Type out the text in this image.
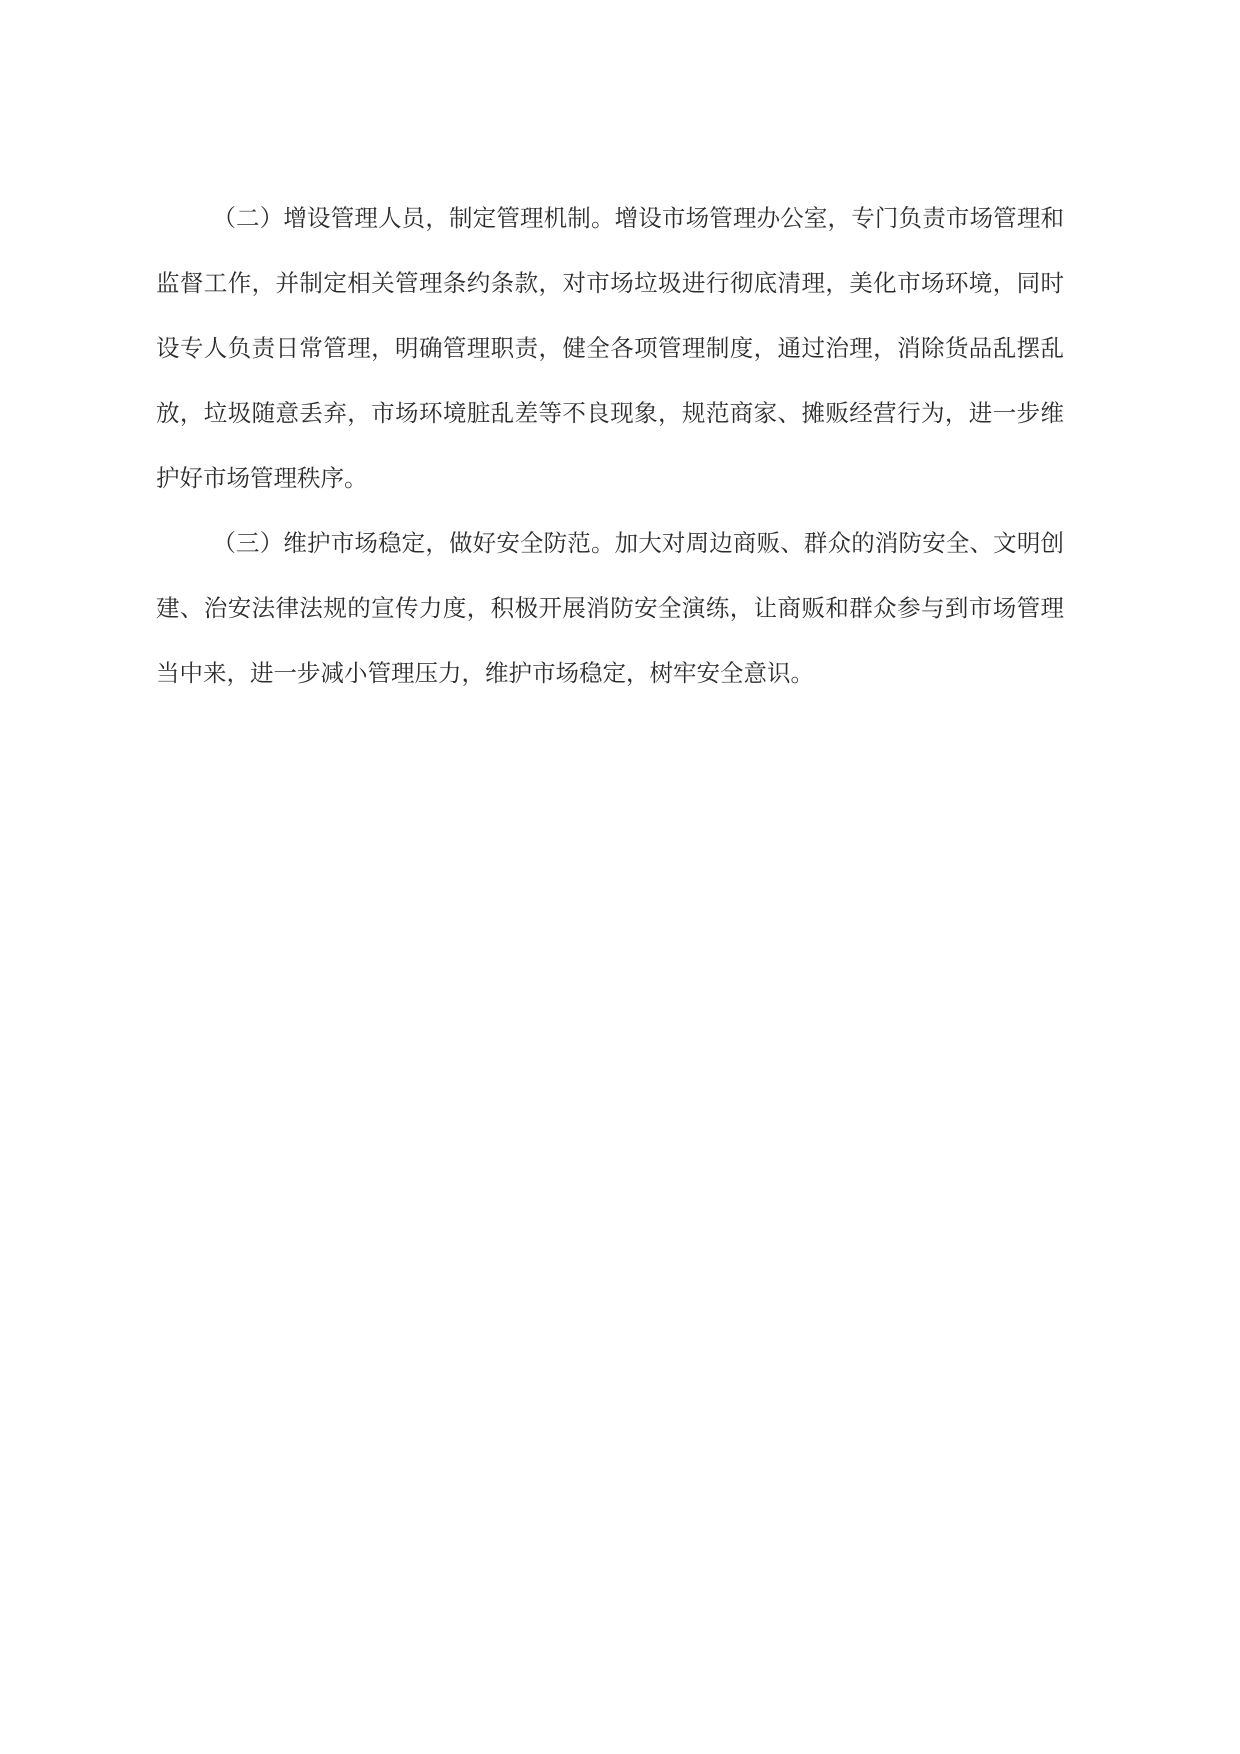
（二）增设管理人员，制定管理机制。增设市场管理办公室，专门负责市场管理和监督工作，并制定相关管理条约条款，对市场垃圾进行彻底清理，美化市场环境，同时设专人负责日常管理，明确管理职责，健全各项管理制度，通过治理，消除货品乱摆乱放，垃圾随意丢弃，市场环境脏乱差等不良现象，规范商家、摊贩经营行为，进一步维护好市场管理秩序。

（三）维护市场稳定，做好安全防范。加大对周边商贩、群众的消防安全、文明创建、治安法律法规的宣传力度，积极开展消防安全演练，让商贩和群众参与到市场管理当中来，进一步减小管理压力，维护市场稳定，树牢安全意识。
